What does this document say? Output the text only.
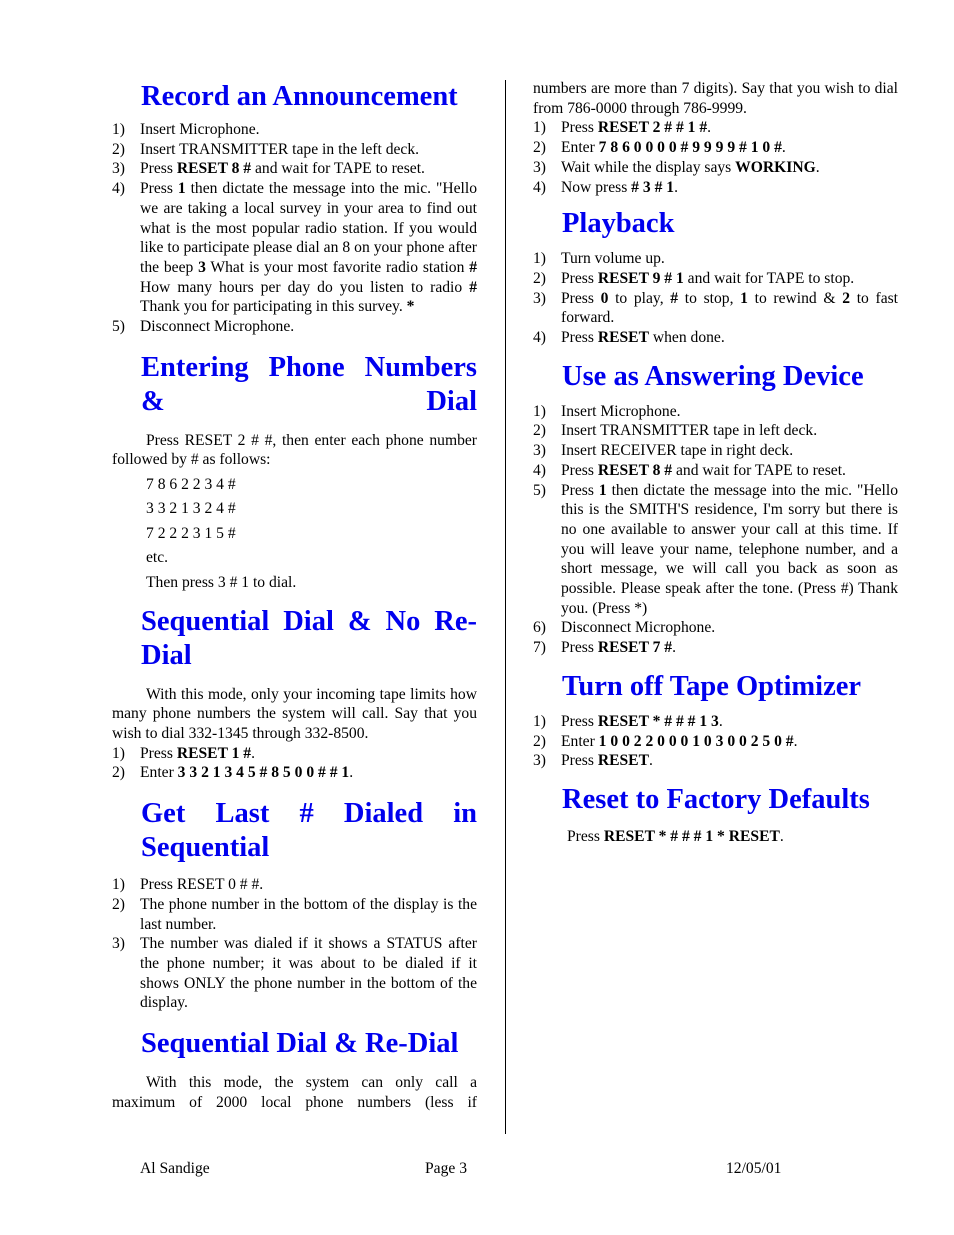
Record an Announcement
1) Insert Microphone.
2) Insert TRANSMITTER tape in the left deck.
3) Press RESET 8 # and wait for TAPE to reset.
4) Press 1 then dictate the message into the mic. "Hello we are taking a local survey in your area to find out what is the most popular radio station. If you would like to participate please dial an 8 on your phone after the beep 3 What is your most favorite radio station # How many hours per day do you listen to radio # Thank you for participating in this survey. *
5) Disconnect Microphone.
Entering Phone Numbers & Dial

Press RESET 2 # #, then enter each phone number followed by # as follows:

7 8 6 2 2 3 4 #

3 3 2 1 3 2 4 #

7 2 2 2 3 1 5 #

etc.

Then press 3 # 1 to dial.

Sequential Dial & No Re-Dial

With this mode, only your incoming tape limits how many phone numbers the system will call. Say that you wish to dial 332-1345 through 332-8500.

1) Press RESET 1 #.
2) Enter 3 3 2 1 3 4 5 # 8 5 0 0 # # 1.
Get Last # Dialed in Sequential
1) Press RESET 0 # #.
2) The phone number in the bottom of the display is the last number.
3) The number was dialed if it shows a STATUS after the phone number; it was about to be dialed if it shows ONLY the phone number in the bottom of the display.
Sequential Dial & Re-Dial

With this mode, the system can only call a maximum of 2000 local phone numbers (less if

numbers are more than 7 digits). Say that you wish to dial from 786-0000 through 786-9999.

1) Press RESET 2 # # 1 #.
2) Enter 7 8 6 0 0 0 0 # 9 9 9 9 # 1 0 #.
3) Wait while the display says WORKING.
4) Now press # 3 # 1.
Playback
1) Turn volume up.
2) Press RESET 9 # 1 and wait for TAPE to stop.
3) Press 0 to play, # to stop, 1 to rewind & 2 to fast forward.
4) Press RESET when done.
Use as Answering Device
1) Insert Microphone.
2) Insert TRANSMITTER tape in left deck.
3) Insert RECEIVER tape in right deck.
4) Press RESET 8 # and wait for TAPE to reset.
5) Press 1 then dictate the message into the mic. "Hello this is the SMITH'S residence, I'm sorry but there is no one available to answer your call at this time. If you will leave your name, telephone number, and a short message, we will call you back as soon as possible. Please speak after the tone. (Press #) Thank you. (Press *)
6) Disconnect Microphone.
7) Press RESET 7 #.
Turn off Tape Optimizer
1) Press RESET * # # # 1 3.
2) Enter 1 0 0 2 2 0 0 0 1 0 3 0 0 2 5 0 #.
3) Press RESET.
Reset to Factory Defaults

Press RESET * # # # 1 * RESET.

Al Sandige	Page 3	12/05/01
